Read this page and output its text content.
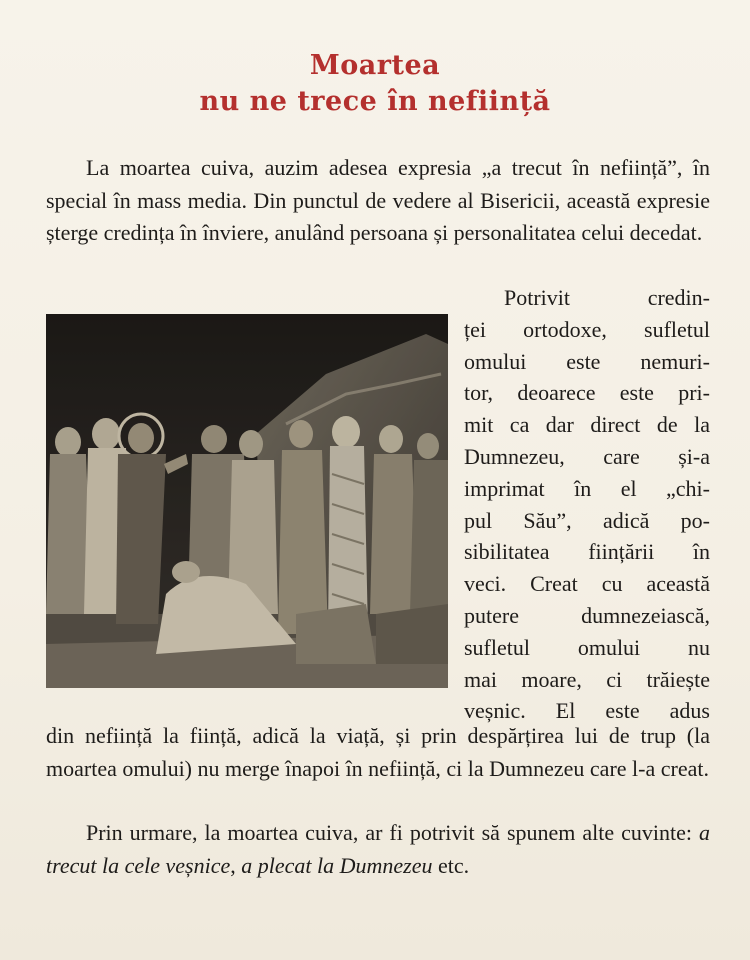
Moartea
nu ne trece în neființă

La moartea cuiva, auzim adesea expresia „a trecut în neființă”, în special în mass media. Din punctul de vedere al Bisericii, această expresie șterge credința în înviere, anulând persoana și personalitatea celui decedat.

Potrivit credin-
ței ortodoxe, sufletul
omului este nemuri-
tor, deoarece este pri-
mit ca dar direct de la
Dumnezeu, care și-a
imprimat în el „chi-
pul Său”, adică po-
sibilitatea ființării în
veci. Creat cu această
putere dumnezeiască,
sufletul omului nu
mai moare, ci trăiește
veșnic. El este adus

din neființă la ființă, adică la viață, și prin despărțirea lui de trup (la moartea omului) nu merge înapoi în neființă, ci la Dumnezeu care l-a creat.

Prin urmare, la moartea cuiva, ar fi potrivit să spunem alte cuvinte: a trecut la cele veșnice, a plecat la Dumnezeu etc.
